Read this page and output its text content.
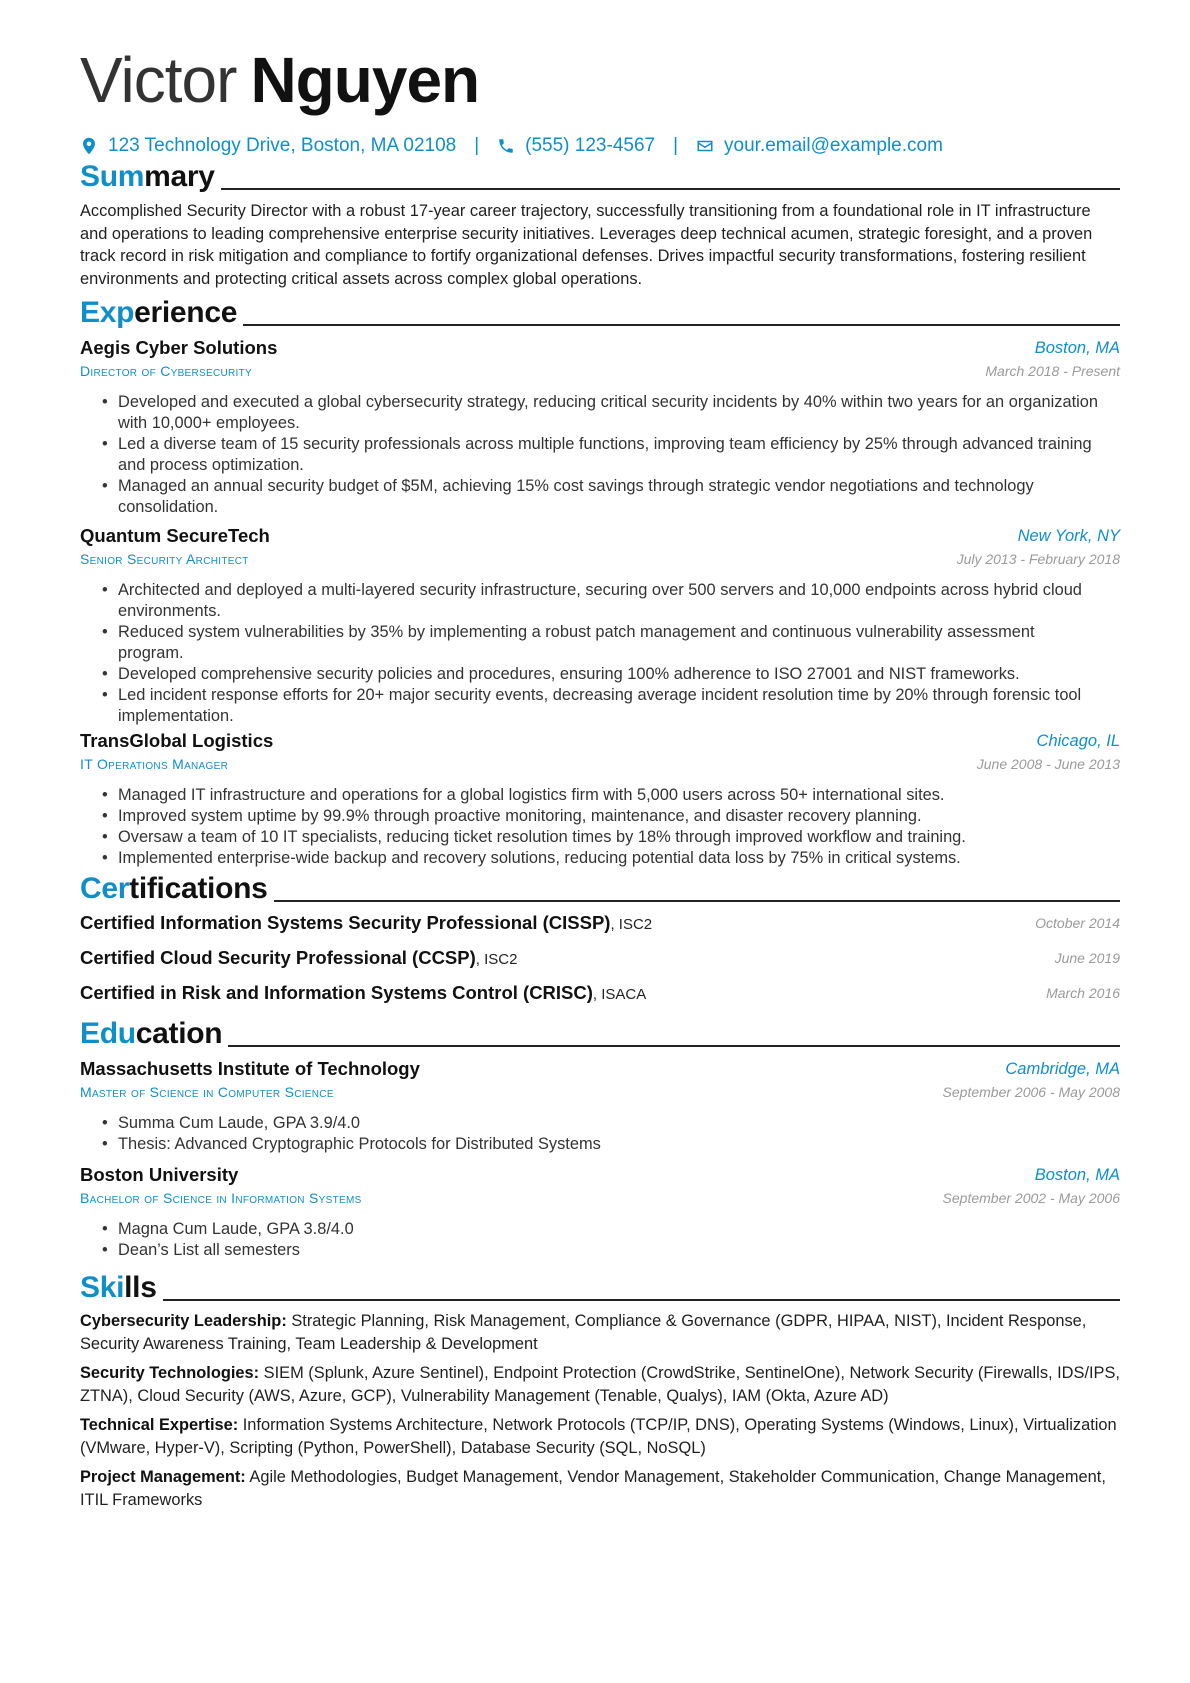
Victor Nguyen
123 Technology Drive, Boston, MA 02108 | (555) 123-4567 | your.email@example.com
Summary
Accomplished Security Director with a robust 17-year career trajectory, successfully transitioning from a foundational role in IT infrastructure and operations to leading comprehensive enterprise security initiatives. Leverages deep technical acumen, strategic foresight, and a proven track record in risk mitigation and compliance to fortify organizational defenses. Drives impactful security transformations, fostering resilient environments and protecting critical assets across complex global operations.
Experience
Aegis Cyber Solutions	Boston, MA
Director of Cybersecurity	March 2018 - Present
• Developed and executed a global cybersecurity strategy, reducing critical security incidents by 40% within two years for an organization with 10,000+ employees.
• Led a diverse team of 15 security professionals across multiple functions, improving team efficiency by 25% through advanced training and process optimization.
• Managed an annual security budget of $5M, achieving 15% cost savings through strategic vendor negotiations and technology consolidation.
Quantum SecureTech	New York, NY
Senior Security Architect	July 2013 - February 2018
• Architected and deployed a multi-layered security infrastructure, securing over 500 servers and 10,000 endpoints across hybrid cloud environments.
• Reduced system vulnerabilities by 35% by implementing a robust patch management and continuous vulnerability assessment program.
• Developed comprehensive security policies and procedures, ensuring 100% adherence to ISO 27001 and NIST frameworks.
• Led incident response efforts for 20+ major security events, decreasing average incident resolution time by 20% through forensic tool implementation.
TransGlobal Logistics	Chicago, IL
IT Operations Manager	June 2008 - June 2013
• Managed IT infrastructure and operations for a global logistics firm with 5,000 users across 50+ international sites.
• Improved system uptime by 99.9% through proactive monitoring, maintenance, and disaster recovery planning.
• Oversaw a team of 10 IT specialists, reducing ticket resolution times by 18% through improved workflow and training.
• Implemented enterprise-wide backup and recovery solutions, reducing potential data loss by 75% in critical systems.
Certifications
Certified Information Systems Security Professional (CISSP), ISC2	October 2014
Certified Cloud Security Professional (CCSP), ISC2	June 2019
Certified in Risk and Information Systems Control (CRISC), ISACA	March 2016
Education
Massachusetts Institute of Technology	Cambridge, MA
Master of Science in Computer Science	September 2006 - May 2008
• Summa Cum Laude, GPA 3.9/4.0
• Thesis: Advanced Cryptographic Protocols for Distributed Systems
Boston University	Boston, MA
Bachelor of Science in Information Systems	September 2002 - May 2006
• Magna Cum Laude, GPA 3.8/4.0
• Dean’s List all semesters
Skills
Cybersecurity Leadership: Strategic Planning, Risk Management, Compliance & Governance (GDPR, HIPAA, NIST), Incident Response, Security Awareness Training, Team Leadership & Development
Security Technologies: SIEM (Splunk, Azure Sentinel), Endpoint Protection (CrowdStrike, SentinelOne), Network Security (Firewalls, IDS/IPS, ZTNA), Cloud Security (AWS, Azure, GCP), Vulnerability Management (Tenable, Qualys), IAM (Okta, Azure AD)
Technical Expertise: Information Systems Architecture, Network Protocols (TCP/IP, DNS), Operating Systems (Windows, Linux), Virtualization (VMware, Hyper-V), Scripting (Python, PowerShell), Database Security (SQL, NoSQL)
Project Management: Agile Methodologies, Budget Management, Vendor Management, Stakeholder Communication, Change Management, ITIL Frameworks
